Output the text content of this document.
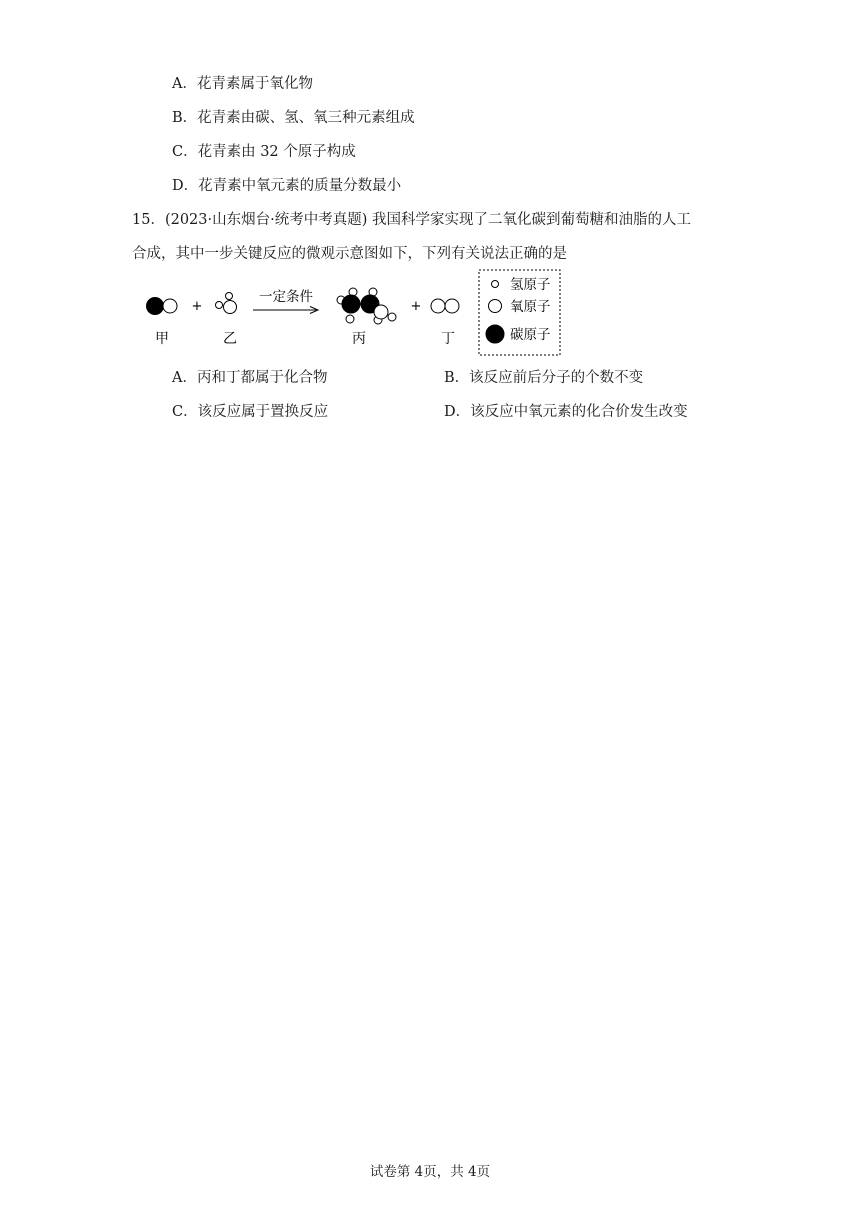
A．花青素属于氧化物
B．花青素由碳、氢、氧三种元素组成
C．花青素由 32 个原子构成
D．花青素中氧元素的质量分数最小
15．(2023·山东烟台·统考中考真题) 我国科学家实现了二氧化碳到葡萄糖和油脂的人工
合成，其中一步关键反应的微观示意图如下，下列有关说法正确的是
+
一定条件
+
甲	乙	丙	丁
氢原子
氧原子
碳原子
A．丙和丁都属于化合物	B．该反应前后分子的个数不变
C．该反应属于置换反应	D．该反应中氧元素的化合价发生改变
试卷第 4页，共 4页
